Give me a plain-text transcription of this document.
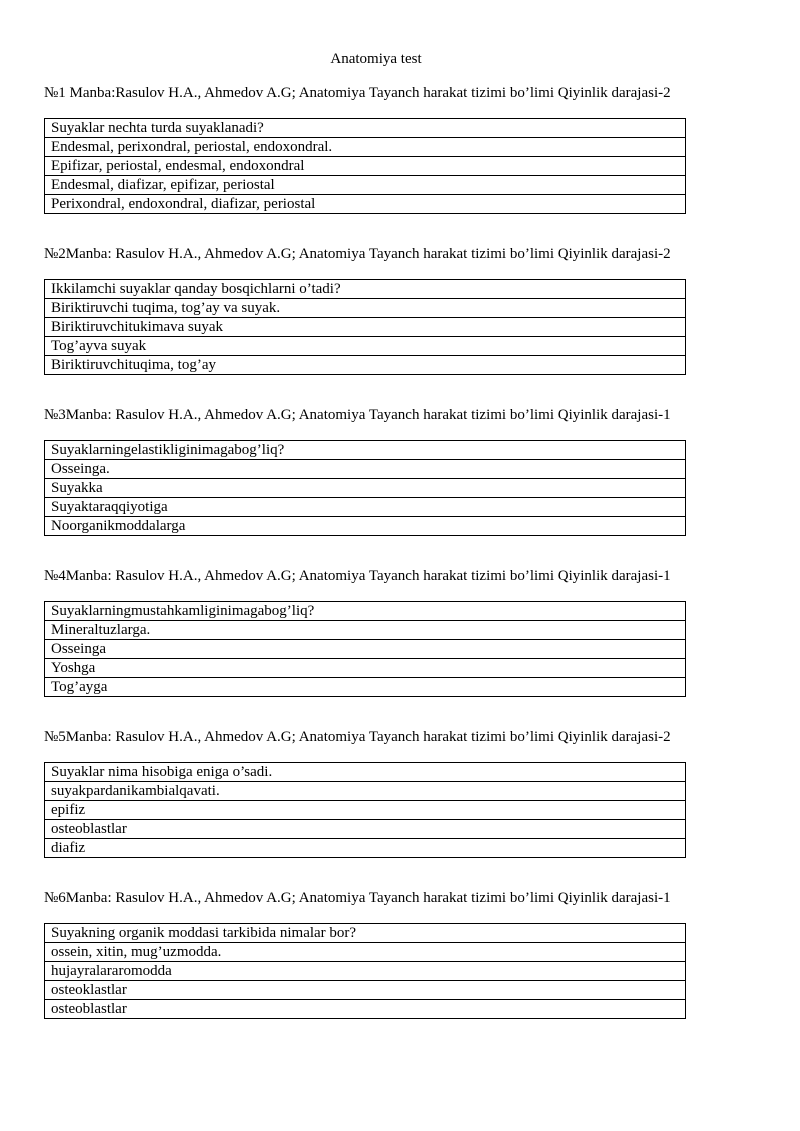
Anatomiya test
№1 Manba:Rasulov H.A., Ahmedov A.G; Anatomiya Tayanch harakat tizimi bo’limi Qiyinlik darajasi-2
Suyaklar nechta turda suyaklanadi?
Endesmal, perixondral, periostal, endoxondral.
Epifizar, periostal, endesmal, endoxondral
Endesmal, diafizar, epifizar, periostal
Perixondral, endoxondral, diafizar, periostal
№2Manba: Rasulov H.A., Ahmedov A.G; Anatomiya Tayanch harakat tizimi bo’limi Qiyinlik darajasi-2
Ikkilamchi suyaklar qanday bosqichlarni o’tadi?
Biriktiruvchi tuqima, tog’ay va suyak.
Biriktiruvchitukimava suyak
Tog’ayva suyak
Biriktiruvchituqima, tog’ay
№3Manba: Rasulov H.A., Ahmedov A.G; Anatomiya Tayanch harakat tizimi bo’limi Qiyinlik darajasi-1
Suyaklarningelastikliginimagabog’liq?
Osseinga.
Suyakka
Suyaktaraqqiyotiga
Noorganikmoddalarga
№4Manba: Rasulov H.A., Ahmedov A.G; Anatomiya Tayanch harakat tizimi bo’limi Qiyinlik darajasi-1
Suyaklarningmustahkamliginimagabog’liq?
Mineraltuzlarga.
Osseinga
Yoshga
Tog’ayga
№5Manba: Rasulov H.A., Ahmedov A.G; Anatomiya Tayanch harakat tizimi bo’limi Qiyinlik darajasi-2
Suyaklar nima hisobiga eniga o’sadi.
suyakpardanikambialqavati.
epifiz
osteoblastlar
diafiz
№6Manba: Rasulov H.A., Ahmedov A.G; Anatomiya Tayanch harakat tizimi bo’limi Qiyinlik darajasi-1
Suyakning organik moddasi tarkibida nimalar bor?
ossein, xitin, mug’uzmodda.
hujayralararomodda
osteoklastlar
osteoblastlar
